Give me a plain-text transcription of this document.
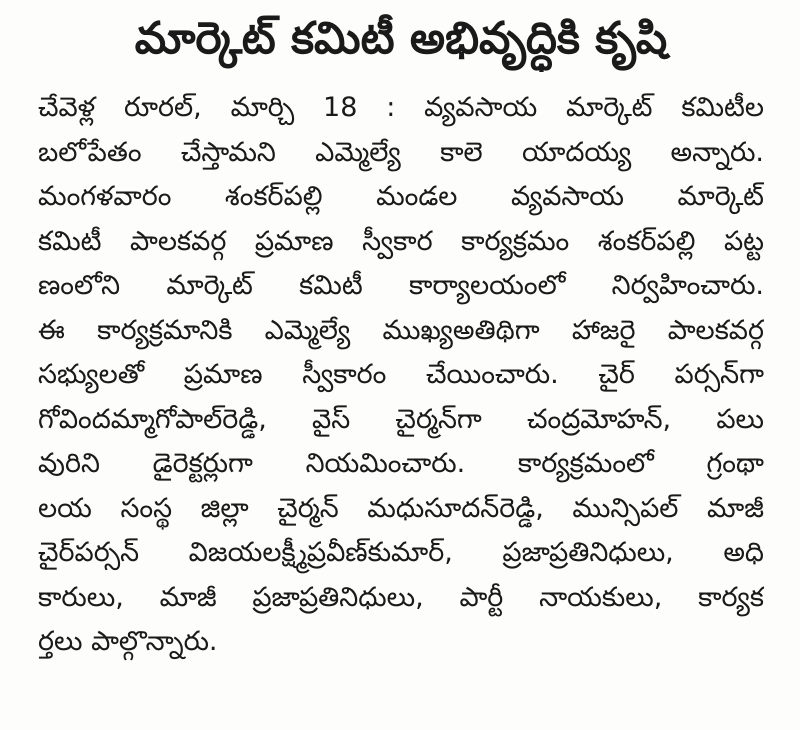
మార్కెట్ కమిటీ అభివృద్ధికి కృషి
చేవెళ్ల రూరల్, మార్చి 18 : వ్యవసాయ మార్కెట్ కమిటీల
బలోపేతం చేస్తామని ఎమ్మెల్యే కాలె యాదయ్య అన్నారు.
మంగళవారం శంకర్‌పల్లి మండల వ్యవసాయ మార్కెట్
కమిటీ పాలకవర్గ ప్రమాణ స్వీకార కార్యక్రమం శంకర్‌పల్లి పట్ట
ణంలోని మార్కెట్ కమిటీ కార్యాలయంలో నిర్వహించారు.
ఈ కార్యక్రమానికి ఎమ్మెల్యే ముఖ్యఅతిథిగా హాజరై పాలకవర్గ
సభ్యులతో ప్రమాణ స్వీకారం చేయించారు. చైర్ పర్సన్‌గా
గోవిందమ్మాగోపాల్‌రెడ్డి, వైస్ చైర్మన్‌గా చంద్రమోహన్, పలు
వురిని డైరెక్టర్లుగా నియమించారు. కార్యక్రమంలో గ్రంథా
లయ సంస్థ జిల్లా చైర్మన్ మధుసూదన్‌రెడ్డి, మున్సిపల్ మాజీ
చైర్‌పర్సన్ విజయలక్ష్మీప్రవీణ్‌కుమార్, ప్రజాప్రతినిధులు, అధి
కారులు, మాజీ ప్రజాప్రతినిధులు, పార్టీ నాయకులు, కార్యక
ర్తలు పాల్గొన్నారు.
